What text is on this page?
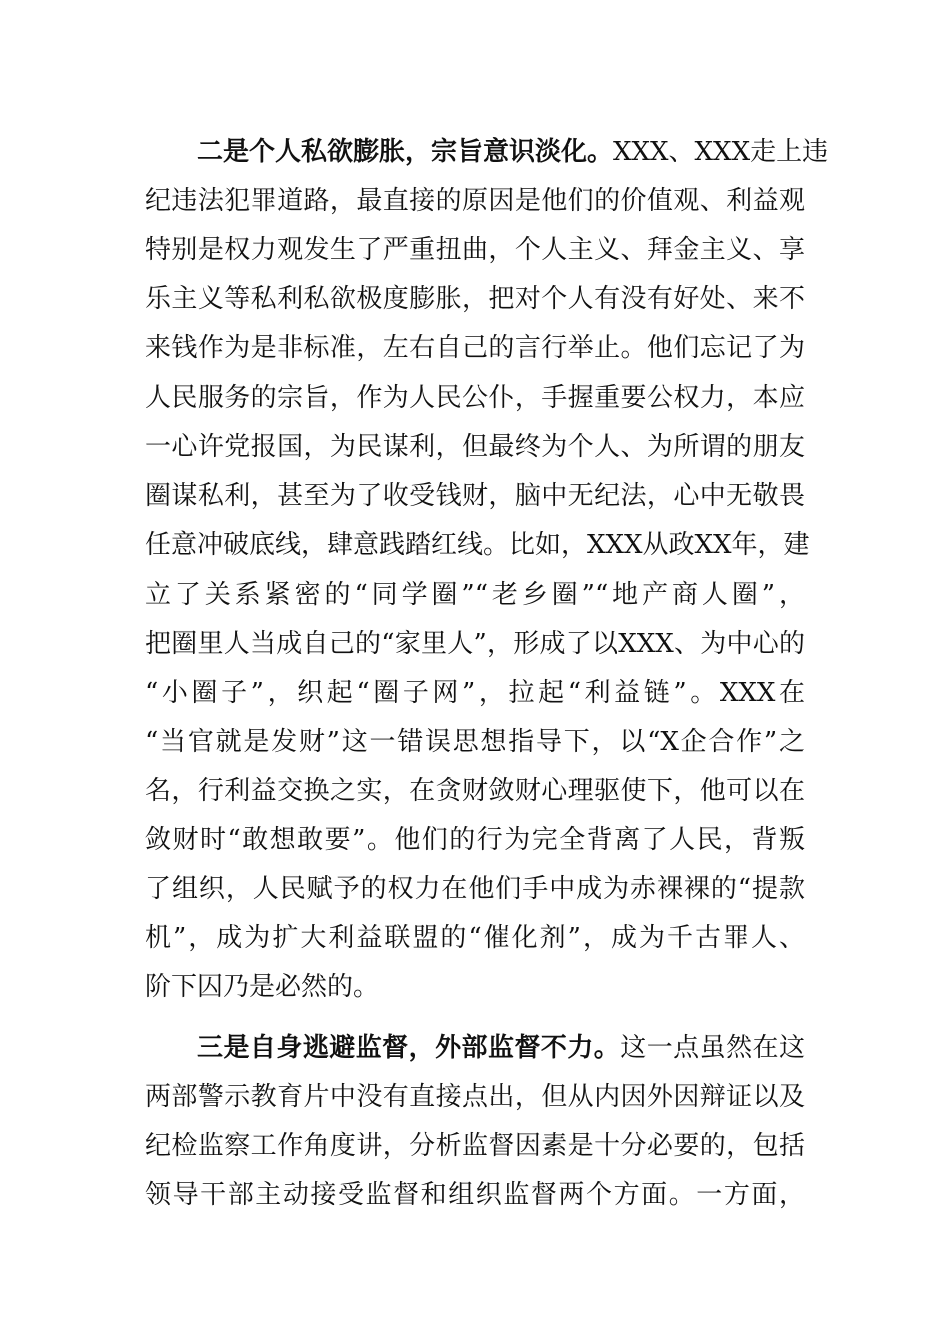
二是个人私欲膨胀，宗旨意识淡化。XXX、XXX走上违
纪违法犯罪道路，最直接的原因是他们的价值观、利益观
特别是权力观发生了严重扭曲，个人主义、拜金主义、享
乐主义等私利私欲极度膨胀，把对个人有没有好处、来不
来钱作为是非标准，左右自己的言行举止。他们忘记了为
人民服务的宗旨，作为人民公仆，手握重要公权力，本应
一心许党报国，为民谋利，但最终为个人、为所谓的朋友
圈谋私利，甚至为了收受钱财，脑中无纪法，心中无敬畏
任意冲破底线，肆意践踏红线。比如，XXX从政XX年，建
立了关系紧密的“同学圈”“老乡圈”“地产商人圈”，
把圈里人当成自己的“家里人”，形成了以XXX、为中心的
“小圈子”，织起“圈子网”，拉起“利益链”。XXX在
“当官就是发财”这一错误思想指导下，以“X企合作”之
名，行利益交换之实，在贪财敛财心理驱使下，他可以在
敛财时“敢想敢要”。他们的行为完全背离了人民，背叛
了组织，人民赋予的权力在他们手中成为赤裸裸的“提款
机”，成为扩大利益联盟的“催化剂”，成为千古罪人、
阶下囚乃是必然的。
三是自身逃避监督，外部监督不力。这一点虽然在这
两部警示教育片中没有直接点出，但从内因外因辩证以及
纪检监察工作角度讲，分析监督因素是十分必要的，包括
领导干部主动接受监督和组织监督两个方面。一方面，
